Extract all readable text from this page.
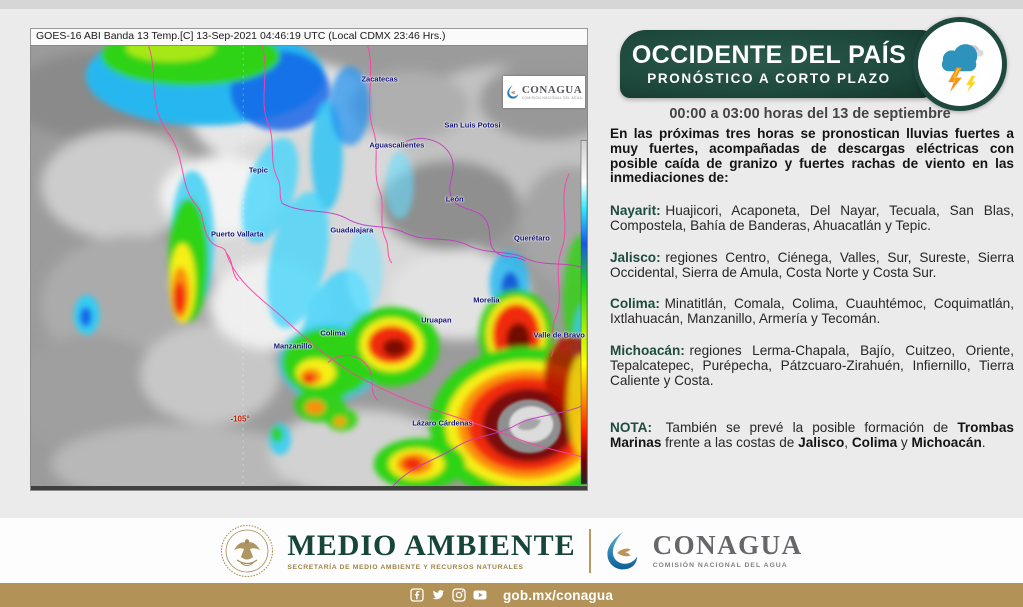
GOES-16 ABI Banda 13 Temp.[C] 13-Sep-2021 04:46:19 UTC (Local CDMX 23:46 Hrs.)
Zacatecas
San Luis Potosí
Aguascalientes
Tepic
León
Guadalajara
Puerto Vallarta	Querétaro
Morelia
Colima
Manzanillo
Uruapan
Valle de Bravo
Lázaro Cárdenas
-105°
CONAGUA
COMISIÓN NACIONAL DEL AGUA
OCCIDENTE DEL PAÍS
PRONÓSTICO A CORTO PLAZO
00:00 a 03:00 horas del 13 de septiembre

En las próximas tres horas se pronostican lluvias fuertes a muy fuertes, acompañadas de descargas eléctricas con posible caída de granizo y fuertes rachas de viento en las inmediaciones de:

Nayarit: Huajicori, Acaponeta, Del Nayar, Tecuala, San Blas, Compostela, Bahía de Banderas, Ahuacatlán y Tepic.

Jalisco: regiones Centro, Ciénega, Valles, Sur, Sureste, Sierra Occidental, Sierra de Amula, Costa Norte y Costa Sur.

Colima: Minatitlán, Comala, Colima, Cuauhtémoc, Coquimatlán, Ixtlahuacán, Manzanillo, Armería y Tecomán.

Michoacán: regiones Lerma-Chapala, Bajío, Cuitzeo, Oriente, Tepalcatepec, Purépecha, Pátzcuaro-Zirahuén, Infiernillo, Tierra Caliente y Costa.

NOTA: También se prevé la posible formación de Trombas Marinas frente a las costas de Jalisco, Colima y Michoacán.

MEDIO AMBIENTE
SECRETARÍA DE MEDIO AMBIENTE Y RECURSOS NATURALES
CONAGUA
COMISIÓN NACIONAL DEL AGUA
gob.mx/conagua
